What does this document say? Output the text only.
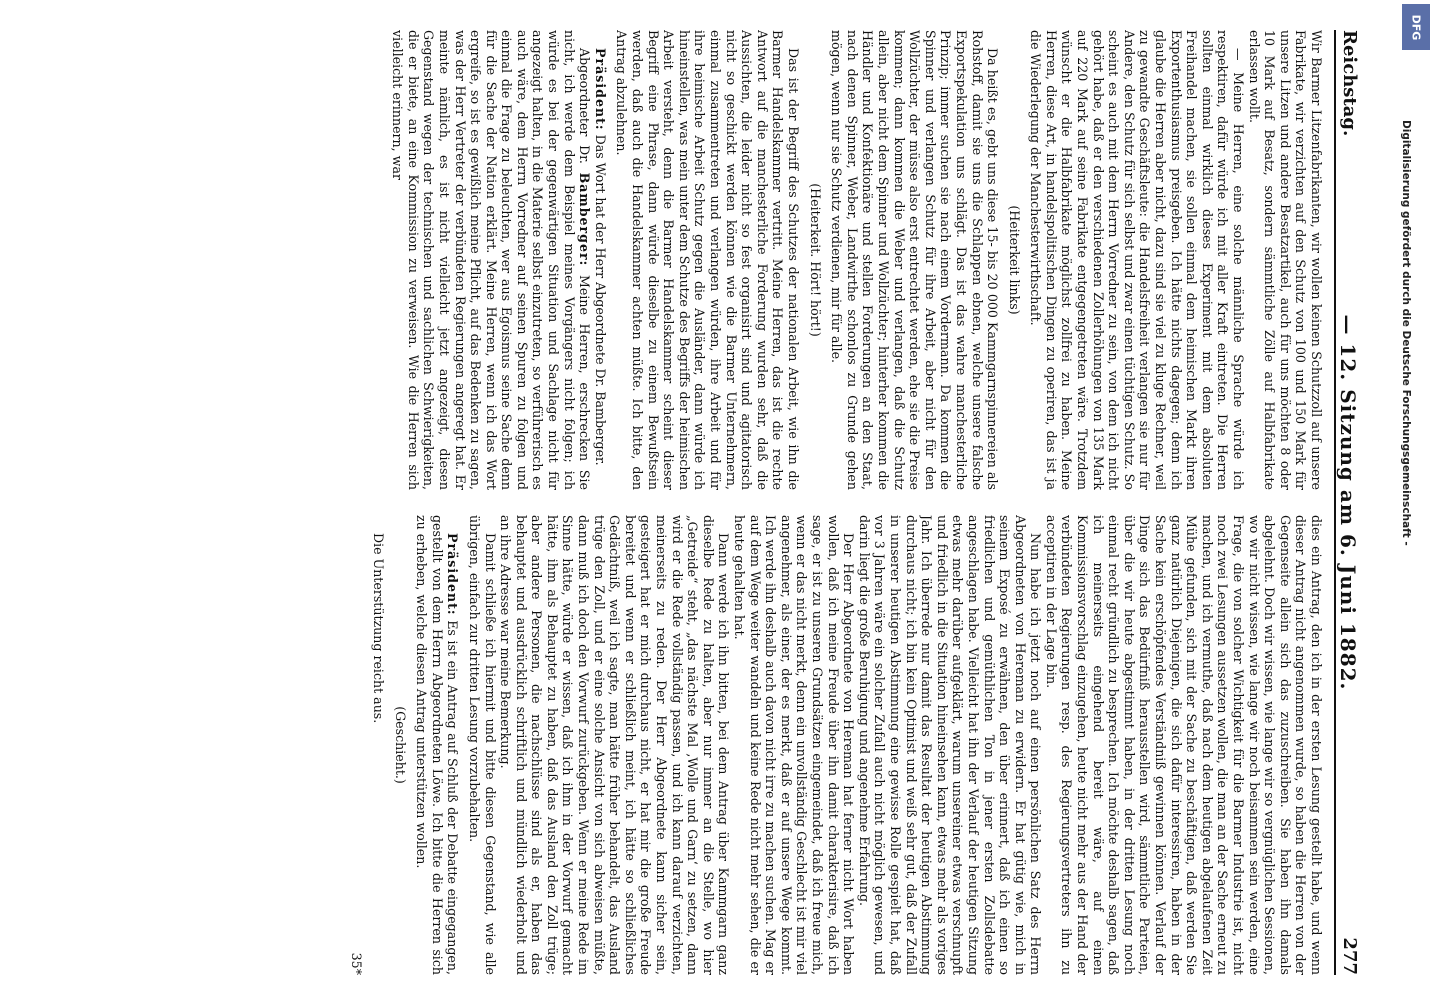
Reichstag.
— 12. Sitzung am 6. Juni 1882.
277

Wir Barmer Litzenfabrikanten, wir wollen keinen Schutzzoll auf unsere Fabrikate, wir verzichten auf den Schutz von 100 und 150 Mark für unsere Litzen und andere Besatzartikel, auch für uns möchten 8 oder 10 Mark auf Besatz, sondern sämmtliche Zölle auf Halbfabrikate erlassen wollt.

— Meine Herren, eine solche männliche Sprache würde ich respektiren, dafür würde ich mit aller Kraft eintreten. Die Herren sollten einmal wirklich dieses Experiment mit dem absoluten Freihandel machen, sie sollen einmal dem heimischen Markt ihren Exportenthusiasmus preisgeben. Ich hätte nichts dagegen; denn ich glaube die Herren aber nicht, dazu sind sie viel zu kluge Rechner, weil zu gewandte Geschäftsleute: die Handelsfreiheit verlangen sie nur für Andere, den Schutz für sich selbst und zwar einen tüchtigen Schutz. So scheint es auch mit dem Herrn Vorredner zu sein, von dem ich nicht gehört habe, daß er den verschiedenen Zollerhöhungen von 135 Mark auf 220 Mark auf seine Fabrikate entgegengetreten wäre. Trotzdem wünscht er die Halbfabrikate möglichst zollfrei zu haben. Meine Herren, diese Art, in handelspolitischen Dingen zu operiren, das ist ja die Wiederlegung der Manchesterwirthschaft.

(Heiterkeit links)

Da heißt es, gebt uns diese 15- bis 20 000 Kammgarnspinnereien als Rohstoff, damit sie uns die Schlappen ebnen, welche unsere falsche Exportspekulation uns schlägt. Das ist das wahre manchesterliche Prinzip; immer suchen sie nach einem Vordermann. Da kommen die Spinner und verlangen Schutz für ihre Arbeit, aber nicht für den Wollzüchter, der müsse also erst entrechtet werden, ehe sie die Preise kommen; dann kommen die Weber und verlangen, daß die Schutz allein, aber nicht dem Spinner und Wollzüchter; hinterher kommen die Händler und Konfektionäre und stellen Forderungen an den Staat, nach denen Spinner, Weber, Landwirthe schonlos zu Grunde gehen mögen, wenn nur sie Schutz verdienen, mir für alle.

(Heiterkeit. Hört! hört!)

Das ist der Begriff des Schutzes der nationalen Arbeit, wie ihn die Barmer Handelskammer vertritt. Meine Herren, das ist die rechte Antwort auf die manchesterliche Forderung wurden sehr, daß die Aussichten, die leider nicht so fest organisirt sind und agitatorisch nicht so geschickt werden können wie die Barmer Unternehmern, einmal zusammentreten und verlangen würden, ihre Arbeit und für ihre heimische Arbeit Schutz gegen die Ausländer, dann würde ich hineinstellen, was mein unter dem Schutze des Begriffs der heimischen Arbeit versteht, denn die Barmer Handelskammer scheint dieser Begriff eine Phrase, dann würde dieselbe zu einem Bewußtsein werden, daß auch die Handelskammer achten müßte. Ich bitte, den Antrag abzulehnen.

Präsident: Das Wort hat der Herr Abgeordnete Dr. Bamberger.

Abgeordneter Dr. Bamberger: Meine Herren, erschrecken Sie nicht, ich werde dem Beispiel meines Vorgängers nicht folgen; ich würde es bei der gegenwärtigen Situation und Sachlage nicht für angezeigt halten, in die Materie selbst einzutreten, so verführerisch es auch wäre, dem Herrn Vorredner auf seinen Spuren zu folgen und einmal die Frage zu beleuchten, wer aus Egoismus seine Sache denn für die Sache der Nation erklärt. Meine Herren, wenn ich das Wort ergreife, so ist es gewißlich meine Pflicht, auf das Bedenken zu sagen, was der Herr Vertreter der verbündeten Regierungen angeregt hat. Er meinte nämlich, es ist nicht vielleicht jetzt angezeigt, diesen Gegenstand wegen der technischen und sachlichen Schwierigkeiten, die er biete, an eine Kommission zu verweisen. Wie die Herren sich vielleicht erinnern, war

dies ein Antrag, den ich in der ersten Lesung gestellt habe, und wenn dieser Antrag nicht angenommen wurde, so haben die Herren von der Gegenseite allein sich das zuzuschreiben. Sie haben ihn damals abgelehnt. Doch wir wissen, wie lange wir so vergnüglichen Sessionen, wo wir nicht wissen, wie lange wir noch beisammen sein werden, eine Frage, die von solcher Wichtigkeit für die Barmer Industrie ist, nicht noch zwei Lesungen aussetzen wollen, die man an der Sache erneut zu machen, und ich vermuthe, daß nach dem heutigen abgelaufenen Zeit Mühe gefunden, sich mit der Sache zu beschäftigen, daß werden Sie ganz natürlich Diejenigen, die sich dafür interessiren, haben in der Sache kein erschöpfendes Verständniß gewinnen können. Verlauf der Dinge sich das Bedürfniß herausstellen wird, sämmtliche Parteien, über die wir heute abgestimmt haben, in der dritten Lesung noch einmal recht gründlich zu besprechen. Ich möchte deshalb sagen, daß ich meinerseits eingehend bereit wäre, auf einen Kommissionsvorschlag einzugehen, heute nicht mehr aus der Hand der verbündeten Regierungen resp. des Regierungsvertreters ihn zu acceptiren in der Lage bin.

Nun habe ich jetzt noch auf einen persönlichen Satz des Herrn Abgeordneten von Hereman zu erwidern. Er hat gütig wie, mich in seinem Exposé zu erwähnen, den über erinnert, daß ich einen so friedlichen und gemüthlichen Ton in jener ersten Zollsdebatte angeschlagen habe. Vielleicht hat ihn der Verlauf der heutigen Sitzung etwas mehr darüber aufgeklärt, warum unsereiner etwas verschnupft und friedlich in die Situation hineinsehen kann, etwas mehr als voriges Jahr. Ich überrede nur damit das Resultat der heutigen Abstimmung durchaus nicht; ich bin kein Optimist und weiß sehr gut, daß der Zufall in unserer heutigen Abstimmung eine gewisse Rolle gespielt hat, daß vor 3 Jahren wäre ein solcher Zufall auch nicht möglich gewesen, und darin liegt die große Beruhigung und angenehme Erfahrung.

Der Herr Abgeordnete von Hereman hat ferner nicht Wort haben wollen, daß ich meine Freude über ihn damit charakterisire, daß ich sage, er ist zu unseren Grundsätzen eingemeindet, daß ich freue mich, wenn er das nicht merkt, denn ein unvollständig Geschlecht ist mir viel angenehmer, als einer, der es merkt, daß er auf unsere Wege kommt. Ich werde ihn deshalb auch davon nicht irre zu machen suchen. Mag er auf dem Wege weiter wandeln und keine Rede nicht mehr sehen, die er heute gehalten hat.

Dann werde ich ihn bitten, bei dem Antrag über Kammgarn ganz dieselbe Rede zu halten, aber nur immer an die Stelle, wo hier „Getreide“ steht, „das nächste Mal ‚Wolle und Garn‘ zu setzen, dann wird er die Rede vollständig passen, und ich kann darauf verzichten, meinerseits zu reden. Der Herr Abgeordnete kann sicher sein, gesteigert hat er mich durchaus nicht, er hat mir die große Freude bereitet und wenn er schließlich meint, ich hätte so schließliches Gedächtniß, weil ich sagte, man hätte früher behandelt, das Ausland trüge den Zoll, und er eine solche Ansicht von sich abweisen müßte, dann muß ich doch den Vorwurf zurückgeben. Wenn er meine Rede im Sinne hätte, würde er wissen, daß ich ihm in der Vorwurf gemacht hätte, ihm als Behauptet zu haben, daß das Ausland den Zoll trüge; aber andere Personen, die nachschlüsse sind als er, haben das behauptet und ausdrücklich schriftlich und mündlich wiederholt und an ihre Adresse war meine Bemerkung.

Damit schließe ich hiermit und bitte diesen Gegenstand, wie alle übrigen, einfach zur dritten Lesung vorzubehalten.

Präsident: Es ist ein Antrag auf Schluß der Debatte eingegangen, gestellt von dem Herrn Abgeordneten Löwe. Ich bitte die Herren sich zu erheben, welche diesen Antrag unterstützen wollen.

(Geschieht.)

Die Unterstützung reicht aus.

35*

DFG
Digitalisierung gefördert durch die Deutsche Forschungsgemeinschaft -
